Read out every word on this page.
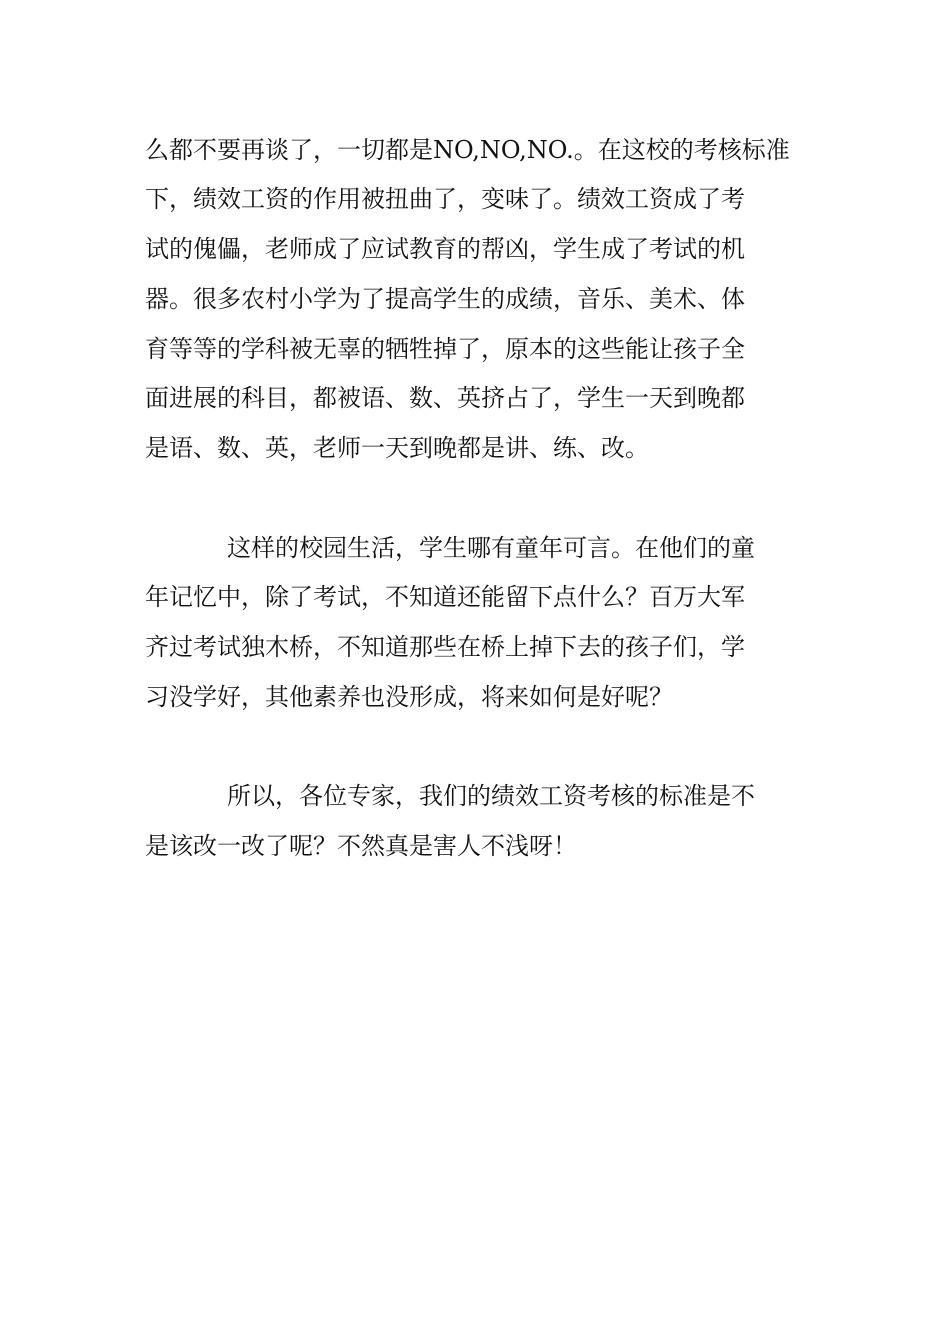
么都不要再谈了，一切都是NO,NO,NO.。在这校的考核标准
下，绩效工资的作用被扭曲了，变味了。绩效工资成了考
试的傀儡，老师成了应试教育的帮凶，学生成了考试的机
器。很多农村小学为了提高学生的成绩，音乐、美术、体
育等等的学科被无辜的牺牲掉了，原本的这些能让孩子全
面进展的科目，都被语、数、英挤占了，学生一天到晚都
是语、数、英，老师一天到晚都是讲、练、改。
这样的校园生活，学生哪有童年可言。在他们的童
年记忆中，除了考试，不知道还能留下点什么？百万大军
齐过考试独木桥，不知道那些在桥上掉下去的孩子们，学
习没学好，其他素养也没形成，将来如何是好呢？
所以，各位专家，我们的绩效工资考核的标准是不
是该改一改了呢？不然真是害人不浅呀！
